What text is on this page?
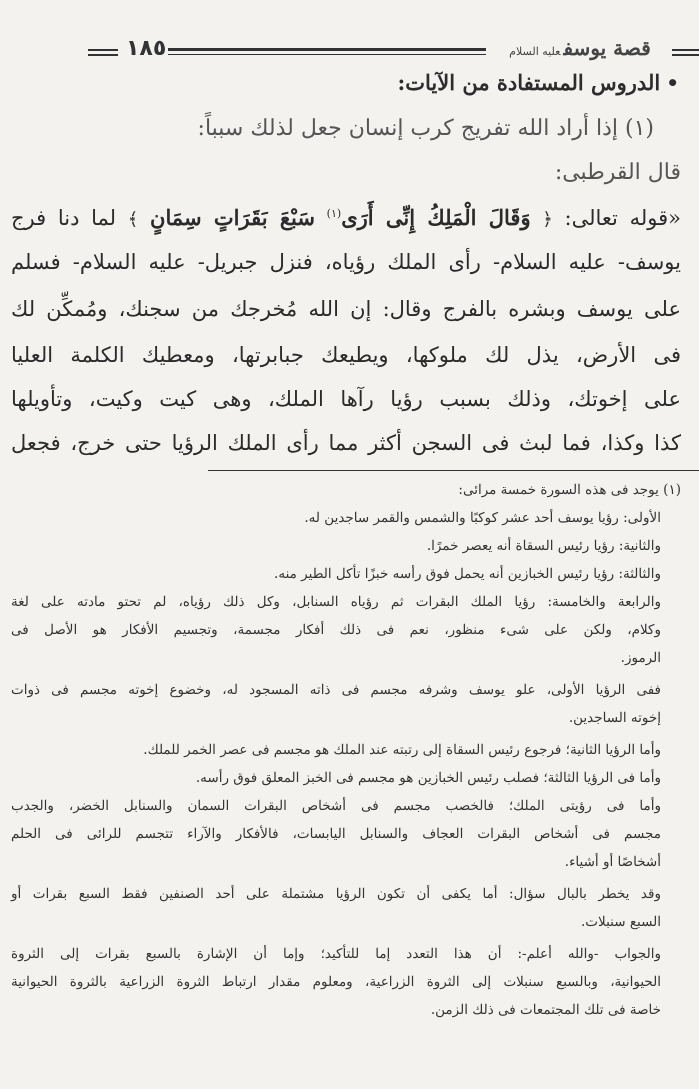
١٨٥	قصة يوسفعليه السلام
•الدروس المستفادة من الآيات:
(١) إذا أراد الله تفريج كرب إنسان جعل لذلك سبباً:
قال القرطبى:
«قوله تعالى: ﴿ وَقَالَ الْمَلِكُ إِنِّى أَرَى$^{(١)}$ سَبْعَ بَقَرَاتٍ سِمَانٍ ﴾ لما دنا فرج
يوسف- عليه السلام- رأى الملك رؤياه، فنزل جبريل- عليه السلام- فسلم
على يوسف وبشره بالفرج وقال: إن الله مُخرجك من سجنك، ومُمكِّن لك
فى الأرض، يذل لك ملوكها، ويطيعك جبابرتها، ومعطيك الكلمة العليا
على إخوتك، وذلك بسبب رؤيا رآها الملك، وهى كيت وكيت، وتأويلها
كذا وكذا، فما لبث فى السجن أكثر مما رأى الملك الرؤيا حتى خرج، فجعل
(١) يوجد فى هذه السورة خمسة مرائى:
الأولى: رؤيا يوسف أحد عشر كوكبًا والشمس والقمر ساجدين له.
والثانية: رؤيا رئيس السقاة أنه يعصر خمرًا.
والثالثة: رؤيا رئيس الخبازين أنه يحمل فوق رأسه خبزًا تأكل الطير منه.
والرابعة والخامسة: رؤيا الملك البقرات ثم رؤياه السنابل، وكل ذلك رؤياه، لم تحتو مادته على لغة
وكلام، ولكن على شىء منظور، نعم فى ذلك أفكار مجسمة، وتجسيم الأفكار هو الأصل فى
الرموز.
ففى الرؤيا الأولى، علو يوسف وشرفه مجسم فى ذاته المسجود له، وخضوع إخوته مجسم فى ذوات
إخوته الساجدين.
وأما الرؤيا الثانية؛ فرجوع رئيس السقاة إلى رتبته عند الملك هو مجسم فى عصر الخمر للملك.
وأما فى الرؤيا الثالثة؛ فصلب رئيس الخبازين هو مجسم فى الخبز المعلق فوق رأسه.
وأما فى رؤيتى الملك؛ فالخصب مجسم فى أشخاص البقرات السمان والسنابل الخضر، والجدب
مجسم فى أشخاص البقرات العجاف والسنابل اليابسات، فالأفكار والآراء تتجسم للرائى فى الحلم
أشخاصًا أو أشياء.
وقد يخطر بالبال سؤال: أما يكفى أن تكون الرؤيا مشتملة على أحد الصنفين فقط السبع بقرات أو
السبع سنبلات.
والجواب -والله أعلم-: أن هذا التعدد إما للتأكيد؛ وإما أن الإشارة بالسبع بقرات إلى الثروة
الحيوانية، وبالسبع سنبلات إلى الثروة الزراعية، ومعلوم مقدار ارتباط الثروة الزراعية بالثروة الحيوانية
خاصة فى تلك المجتمعات فى ذلك الزمن.
